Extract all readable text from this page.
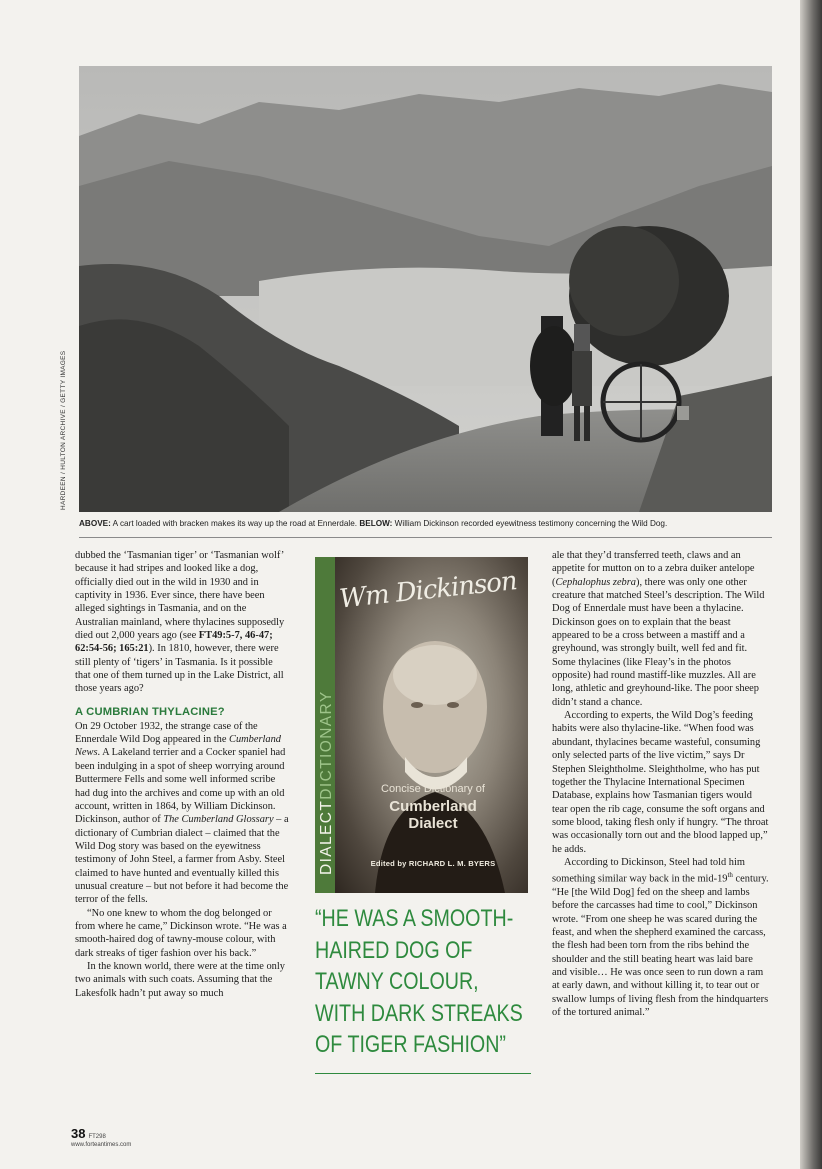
HARDEEN / HULTON ARCHIVE / GETTY IMAGES
ABOVE: A cart loaded with bracken makes its way up the road at Ennerdale. BELOW: William Dickinson recorded eyewitness testimony concerning the Wild Dog.

dubbed the ‘Tasmanian tiger’ or ‘Tasmanian wolf’ because it had stripes and looked like a dog, officially died out in the wild in 1930 and in captivity in 1936. Ever since, there have been alleged sightings in Tasmania, and on the Australian mainland, where thylacines supposedly died out 2,000 years ago (see FT49:5-7, 46-47; 62:54-56; 165:21). In 1810, however, there were still plenty of ‘tigers’ in Tasmania. Is it possible that one of them turned up in the Lake District, all those years ago?

A CUMBRIAN THYLACINE?

On 29 October 1932, the strange case of the Ennerdale Wild Dog appeared in the Cumberland News. A Lakeland terrier and a Cocker spaniel had been indulging in a spot of sheep worrying around Buttermere Fells and some well informed scribe had dug into the archives and come up with an old account, written in 1864, by William Dickinson. Dickinson, author of The Cumberland Glossary – a dictionary of Cumbrian dialect – claimed that the Wild Dog story was based on the eyewitness testimony of John Steel, a farmer from Asby. Steel claimed to have hunted and eventually killed this unusual creature – but not before it had become the terror of the fells.

“No one knew to whom the dog belonged or from where he came,” Dickinson wrote. “He was a smooth-haired dog of tawny-mouse colour, with dark streaks of tiger fashion over his back.”

In the known world, there were at the time only two animals with such coats. Assuming that the Lakesfolk hadn’t put away so much

DIALECTDICTIONARY
Wm Dickinson
Concise Dictionary of
Cumberland
Dialect
Edited by RICHARD L. M. BYERS
“HE WAS A SMOOTH-HAIRED DOG OF TAWNY COLOUR, WITH DARK STREAKS OF TIGER FASHION”

ale that they’d transferred teeth, claws and an appetite for mutton on to a zebra duiker antelope (Cephalophus zebra), there was only one other creature that matched Steel’s description. The Wild Dog of Ennerdale must have been a thylacine. Dickinson goes on to explain that the beast appeared to be a cross between a mastiff and a greyhound, was strongly built, well fed and fit. Some thylacines (like Fleay’s in the photos opposite) had round mastiff-like muzzles. All are long, athletic and greyhound-like. The poor sheep didn’t stand a chance.

According to experts, the Wild Dog’s feeding habits were also thylacine-like. “When food was abundant, thylacines became wasteful, consuming only selected parts of the live victim,” says Dr Stephen Sleightholme. Sleightholme, who has put together the Thylacine International Specimen Database, explains how Tasmanian tigers would tear open the rib cage, consume the soft organs and some blood, taking flesh only if hungry. “The throat was occasionally torn out and the blood lapped up,” he adds.

According to Dickinson, Steel had told him something similar way back in the mid-19th century. “He [the Wild Dog] fed on the sheep and lambs before the carcasses had time to cool,” Dickinson wrote. “From one sheep he was scared during the feast, and when the shepherd examined the carcass, the flesh had been torn from the ribs behind the shoulder and the still beating heart was laid bare and visible… He was once seen to run down a ram at early dawn, and without killing it, to tear out or swallow lumps of living flesh from the hindquarters of the tortured animal.”

38 FT298
www.forteantimes.com
